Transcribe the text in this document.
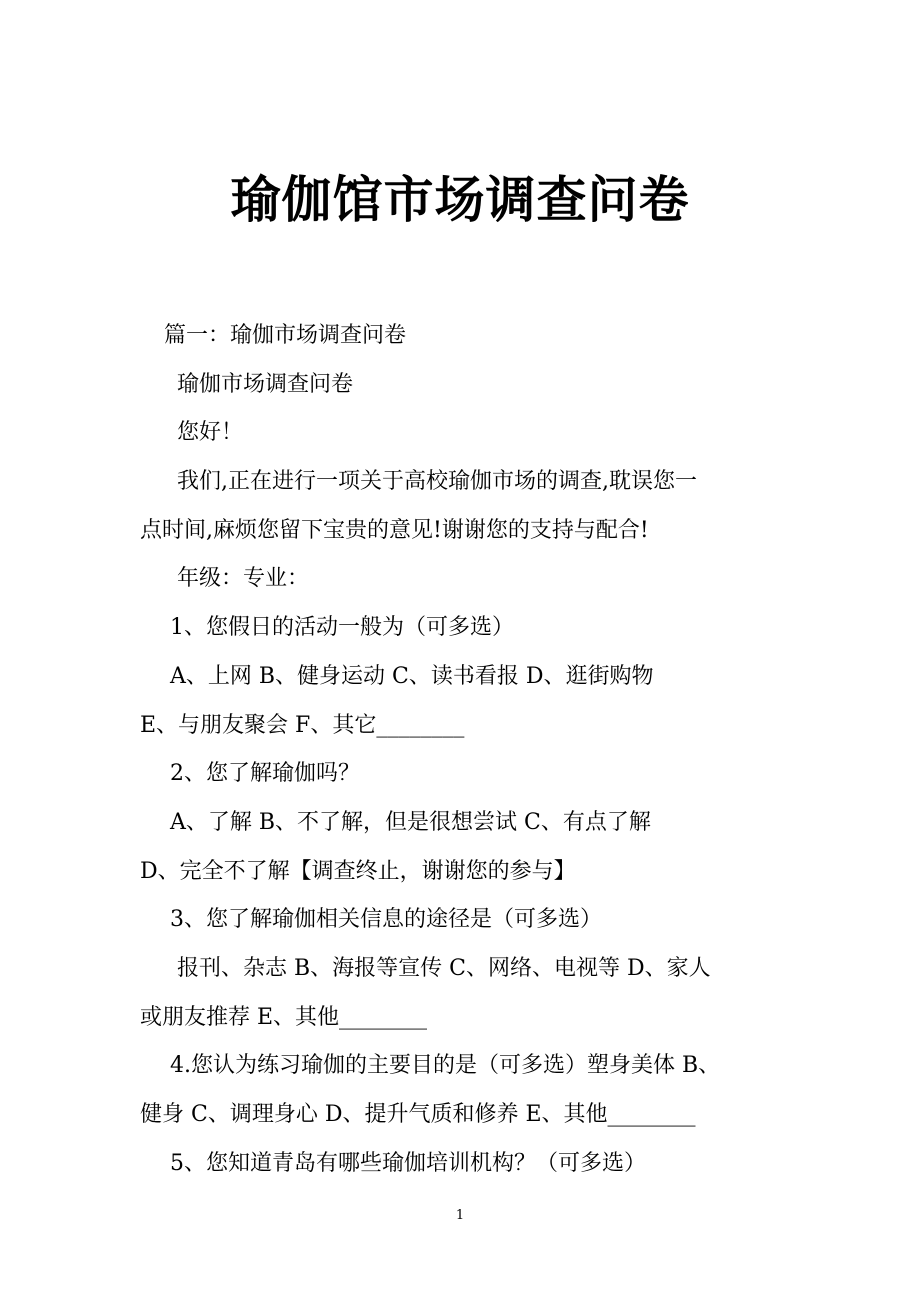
瑜伽馆市场调查问卷
篇一：瑜伽市场调查问卷
瑜伽市场调查问卷
您好！
我们,正在进行一项关于高校瑜伽市场的调查,耽误您一
点时间,麻烦您留下宝贵的意见!谢谢您的支持与配合!
年级：专业：
1、您假日的活动一般为（可多选）
A、上网 B、健身运动 C、读书看报 D、逛街购物
E、与朋友聚会 F、其它________
2、您了解瑜伽吗？
A、了解 B、不了解，但是很想尝试 C、有点了解
D、完全不了解【调查终止，谢谢您的参与】
3、您了解瑜伽相关信息的途径是（可多选）
报刊、杂志 B、海报等宣传 C、网络、电视等 D、家人
或朋友推荐 E、其他________
4.您认为练习瑜伽的主要目的是（可多选）塑身美体 B、
健身 C、调理身心 D、提升气质和修养 E、其他________
5、您知道青岛有哪些瑜伽培训机构？（可多选）
1
